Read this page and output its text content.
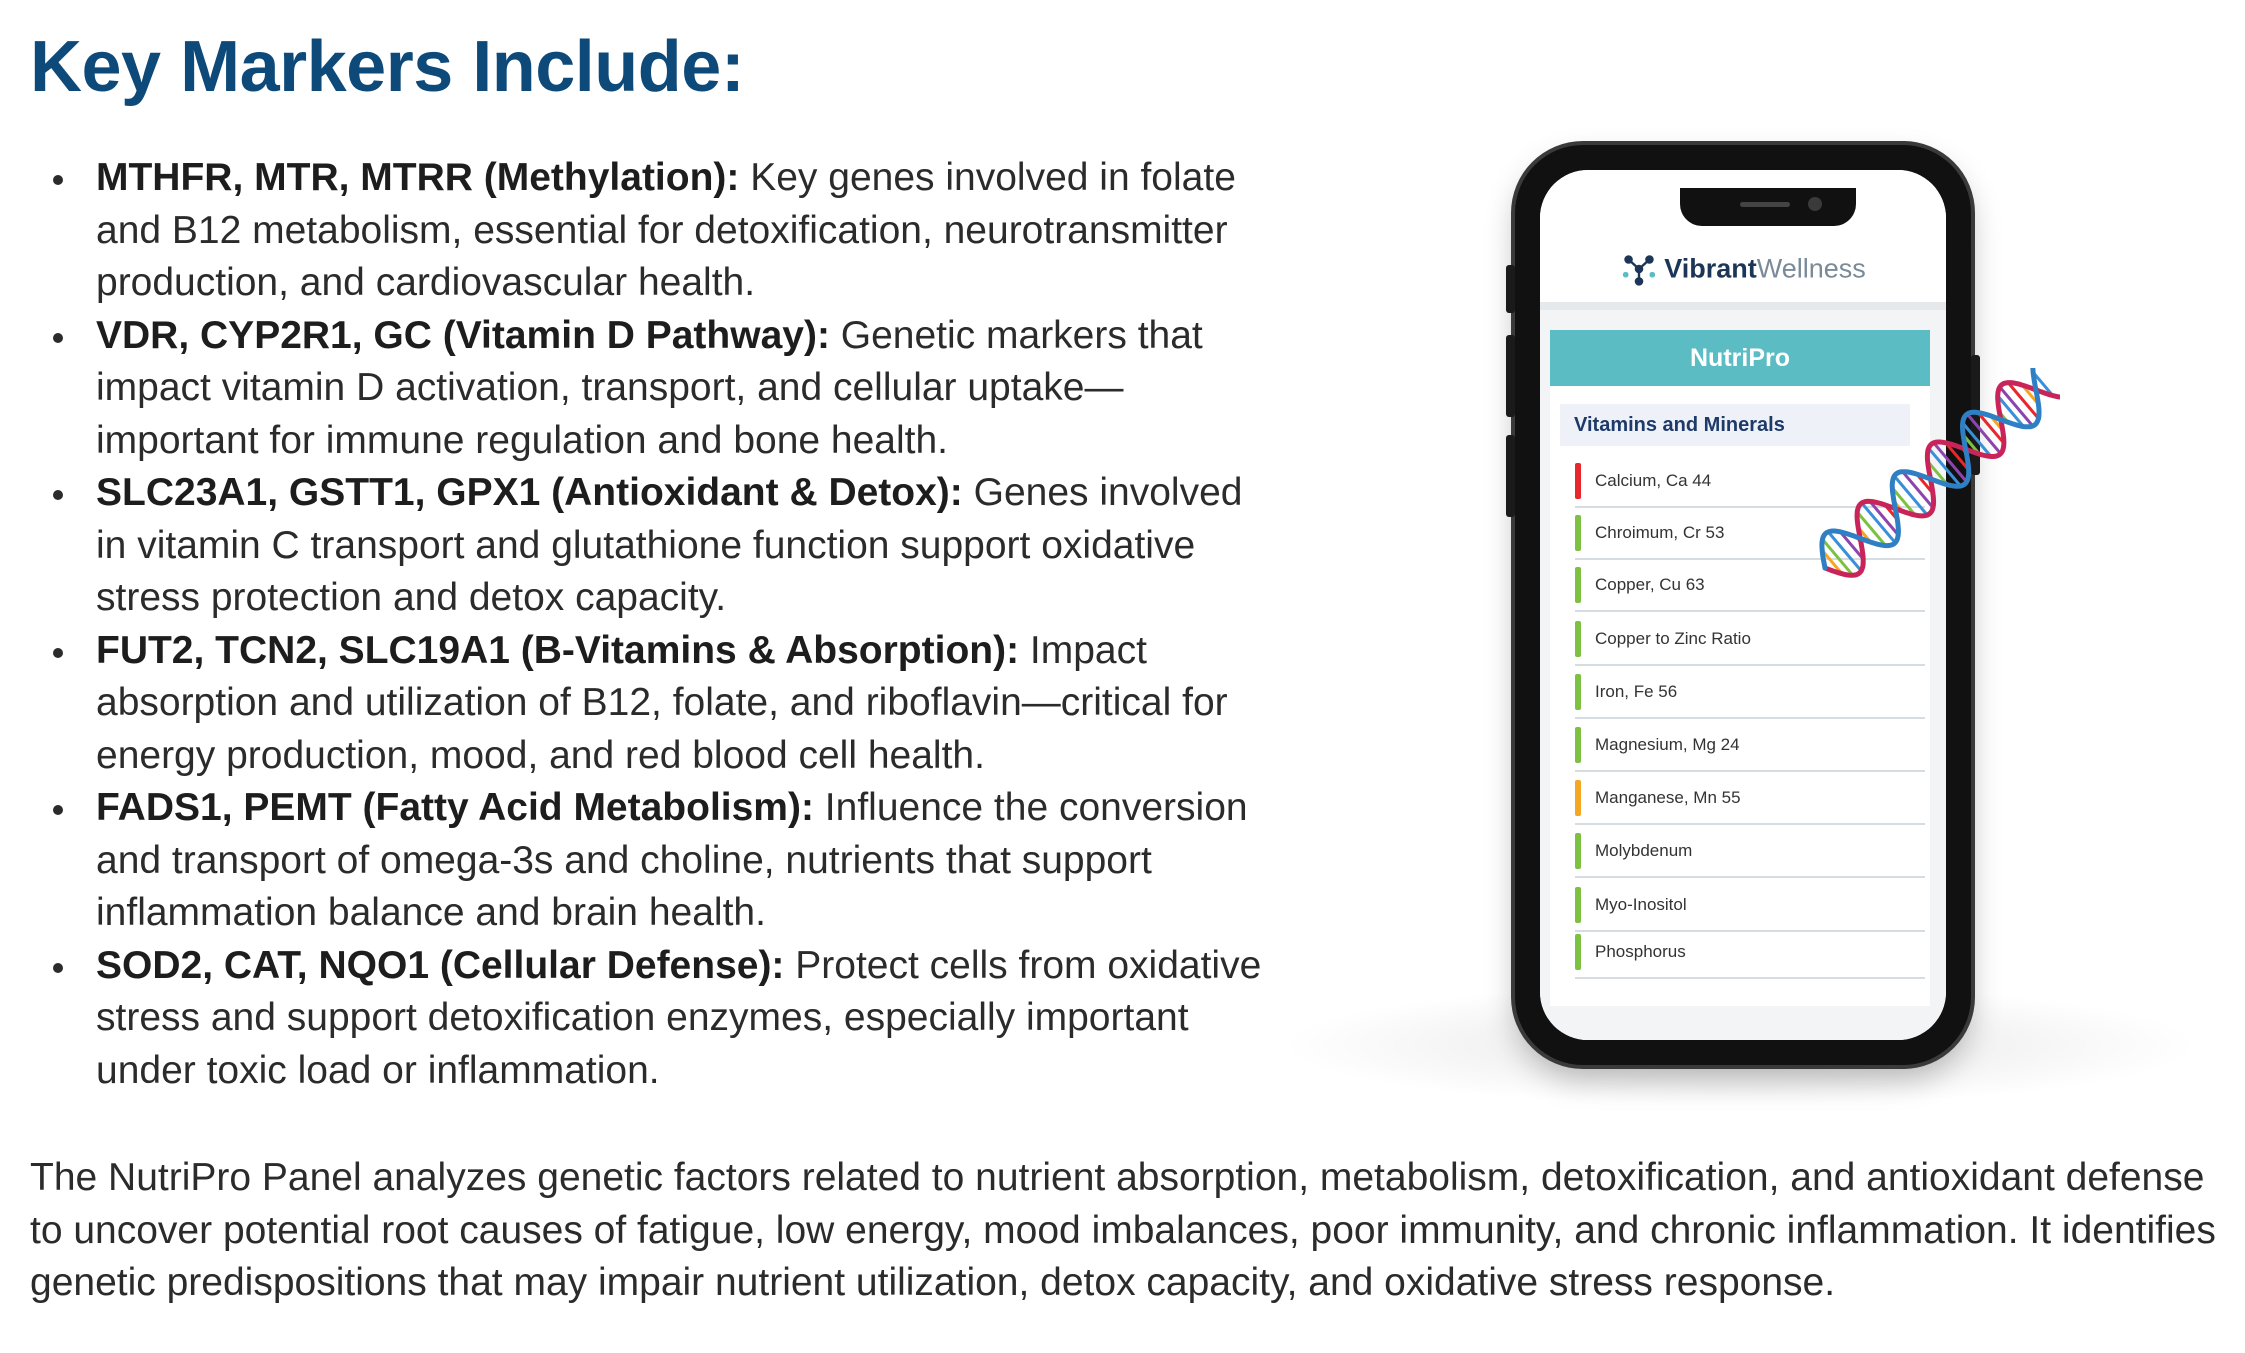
Key Markers Include:
MTHFR, MTR, MTRR (Methylation): Key genes involved in folate and B12 metabolism, essential for detoxification, neurotransmitter production, and cardiovascular health.
VDR, CYP2R1, GC (Vitamin D Pathway): Genetic markers that impact vitamin D activation, transport, and cellular uptake—important for immune regulation and bone health.
SLC23A1, GSTT1, GPX1 (Antioxidant & Detox): Genes involved in vitamin C transport and glutathione function support oxidative stress protection and detox capacity.
FUT2, TCN2, SLC19A1 (B-Vitamins & Absorption): Impact absorption and utilization of B12, folate, and riboflavin—critical for energy production, mood, and red blood cell health.
FADS1, PEMT (Fatty Acid Metabolism): Influence the conversion and transport of omega-3s and choline, nutrients that support inflammation balance and brain health.
SOD2, CAT, NQO1 (Cellular Defense): Protect cells from oxidative stress and support detoxification enzymes, especially important under toxic load or inflammation.

The NutriPro Panel analyzes genetic factors related to nutrient absorption, metabolism, detoxification, and antioxidant defense to uncover potential root causes of fatigue, low energy, mood imbalances, poor immunity, and chronic inflammation. It identifies genetic predispositions that may impair nutrient utilization, detox capacity, and oxidative stress response.

VibrantWellness
NutriPro
Vitamins and Minerals
Calcium, Ca 44
Chroimum, Cr 53
Copper, Cu 63
Copper to Zinc Ratio
Iron, Fe 56
Magnesium, Mg 24
Manganese, Mn 55
Molybdenum
Myo-Inositol
Phosphorus
